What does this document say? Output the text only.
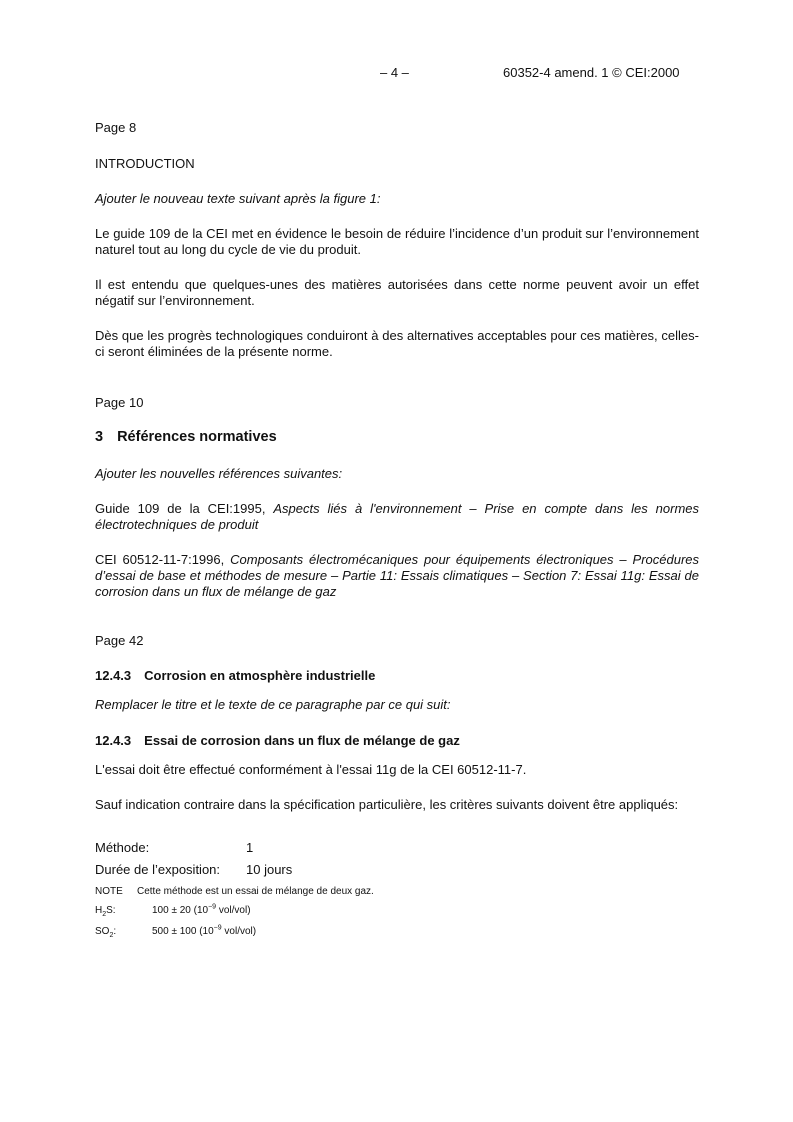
– 4 –	60352-4 amend. 1 © CEI:2000
Page 8
INTRODUCTION
Ajouter le nouveau texte suivant après la figure 1:
Le guide 109 de la CEI met en évidence le besoin de réduire l’incidence d’un produit sur l’environnement naturel tout au long du cycle de vie du produit.
Il est entendu que quelques-unes des matières autorisées dans cette norme peuvent avoir un effet négatif sur l’environnement.
Dès que les progrès technologiques conduiront à des alternatives acceptables pour ces matières, celles-ci seront éliminées de la présente norme.
Page 10
3 Références normatives
Ajouter les nouvelles références suivantes:
Guide 109 de la CEI:1995, Aspects liés à l'environnement – Prise en compte dans les normes électrotechniques de produit
CEI 60512-11-7:1996, Composants électromécaniques pour équipements électroniques – Procédures d’essai de base et méthodes de mesure – Partie 11: Essais climatiques – Section 7: Essai 11g: Essai de corrosion dans un flux de mélange de gaz
Page 42
12.4.3 Corrosion en atmosphère industrielle
Remplacer le titre et le texte de ce paragraphe par ce qui suit:
12.4.3 Essai de corrosion dans un flux de mélange de gaz
L'essai doit être effectué conformément à l'essai 11g de la CEI 60512-11-7.
Sauf indication contraire dans la spécification particulière, les critères suivants doivent être appliqués:
Méthode:	1
Durée de l’exposition: 10 jours
NOTE Cette méthode est un essai de mélange de deux gaz.
$H_2S$:	100 ± 20 ($10^{-9}$ vol/vol)
$SO_2$:	500 ± 100 ($10^{-9}$ vol/vol)
